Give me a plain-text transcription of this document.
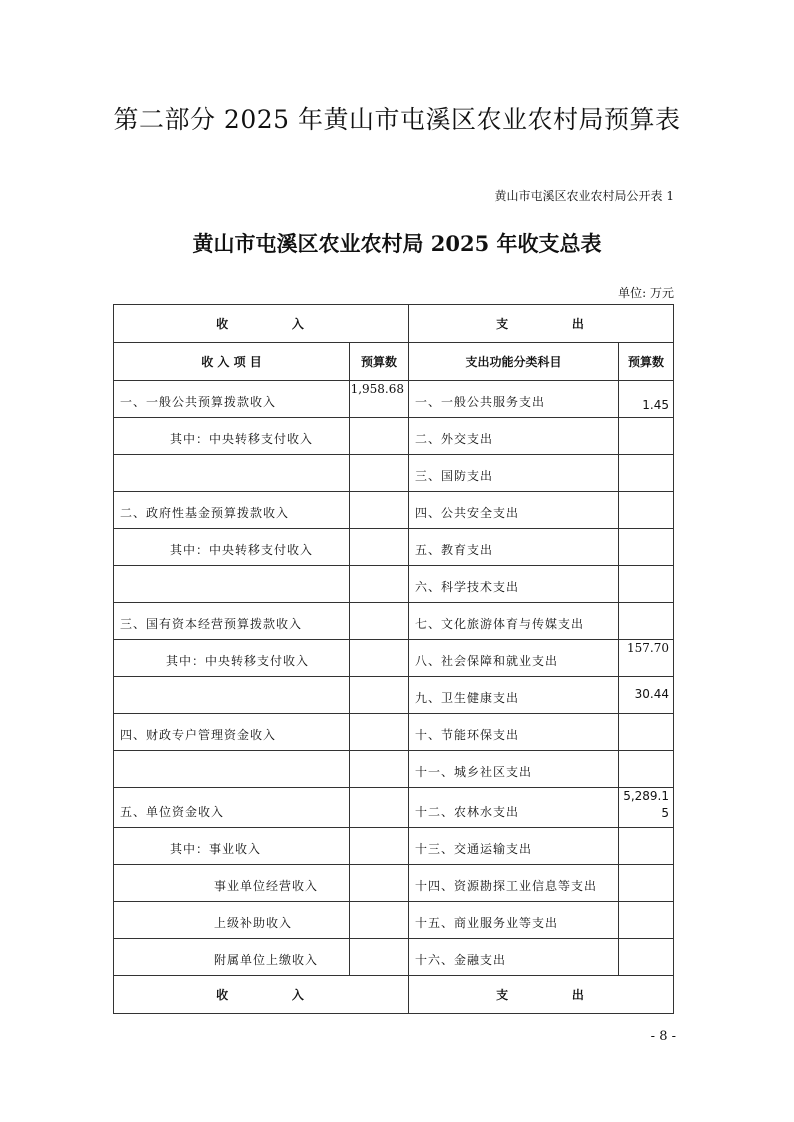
第二部分 2025 年黄山市屯溪区农业农村局预算表
黄山市屯溪区农业农村局公开表 1
黄山市屯溪区农业农村局 2025 年收支总表
单位: 万元
收          入		支          出	
收 入 项 目	预算数	支出功能分类科目	预算数

一、一般公共预算拨款收入	1,958.68	一、一般公共服务支出	1.45

其中：中央转移支付收入		二、外交支出	

		三、国防支出	

二、政府性基金预算拨款收入		四、公共安全支出	

其中：中央转移支付收入		五、教育支出	

		六、科学技术支出	

三、国有资本经营预算拨款收入		七、文化旅游体育与传媒支出	

其中：中央转移支付收入		八、社会保障和就业支出	157.70

		九、卫生健康支出	30.44

四、财政专户管理资金收入		十、节能环保支出	

		十一、城乡社区支出	

五、单位资金收入		十二、农林水支出	5,289.15

其中：事业收入		十三、交通运输支出	

事业单位经营收入		十四、资源勘探工业信息等支出	

上级补助收入		十五、商业服务业等支出	

附属单位上缴收入		十六、金融支出	

收          入		支          出	
- 8 -
